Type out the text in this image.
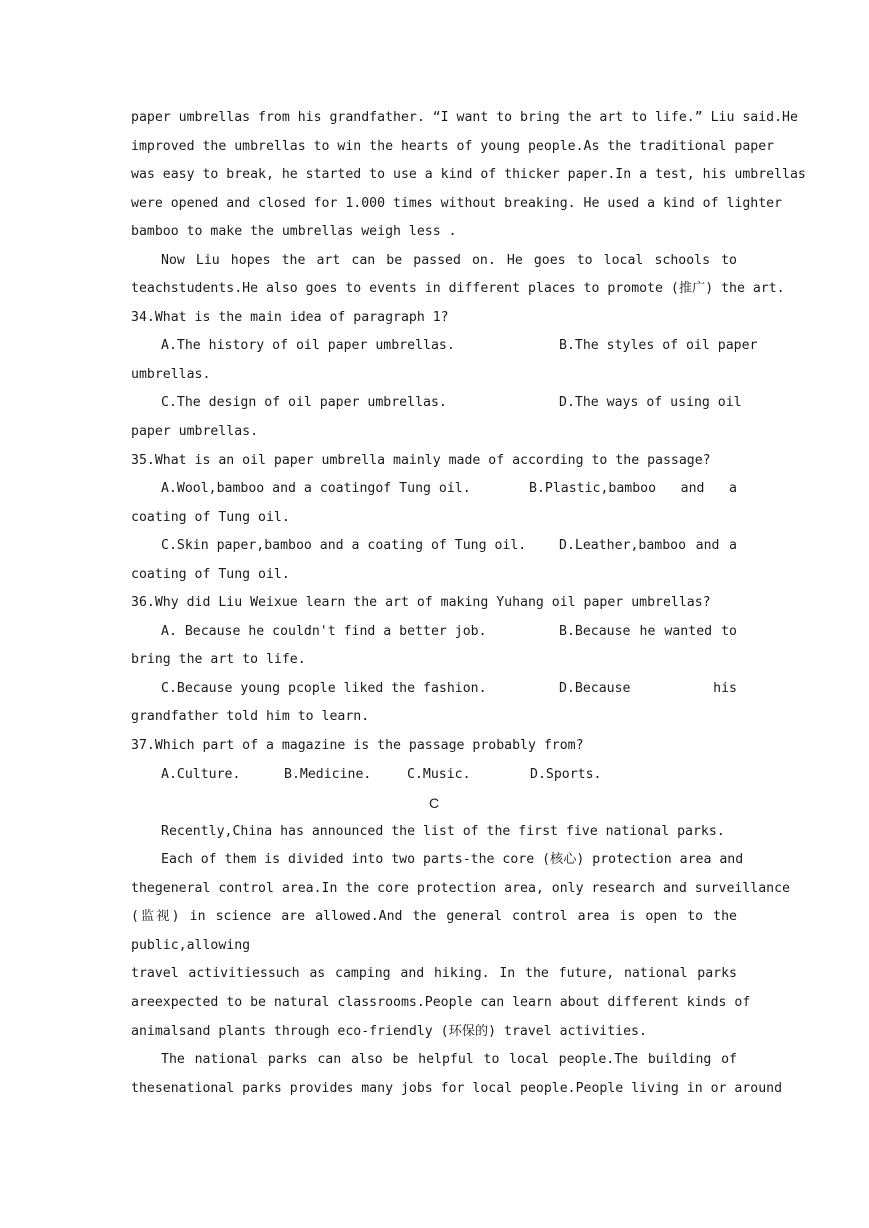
paper umbrellas from his grandfather. “I want to bring the art to life.” Liu said.He
improved the umbrellas to win the hearts of young people.As the traditional paper
was easy to break, he started to use a kind of thicker paper.In a test, his umbrellas
were opened and closed for 1.000 times without breaking. He used a kind of lighter
bamboo to make the umbrellas weigh less .
Now Liu hopes the art can be passed on. He goes to local schools to
teachstudents.He also goes to events in different places to promote (推广) the art.
34.What is the main idea of paragraph 1?
A.The history of oil paper umbrellas.	B.The styles of oil paper
umbrellas.
C.The design of oil paper umbrellas.	D.The ways of using oil
paper umbrellas.
35.What is an oil paper umbrella mainly made of according to the passage?
A.Wool,bamboo and a coatingof Tung oil.	B.Plastic,bamboo and a
coating of Tung oil.
C.Skin paper,bamboo and a coating of Tung oil.	D.Leather,bamboo and a
coating of Tung oil.
36.Why did Liu Weixue learn the art of making Yuhang oil paper umbrellas?
A. Because he couldn't find a better job.	B.Because he wanted to
bring the art to life.
C.Because young pcople liked the fashion.	D.Because his
grandfather told him to learn.
37.Which part of a magazine is the passage probably from?
A.Culture.	B.Medicine.	C.Music.	D.Sports.
C
Recently,China has announced the list of the first five national parks.
Each of them is divided into two parts-the core (核心) protection area and
thegeneral control area.In the core protection area, only research and surveillance
(监视) in science are allowed.And the general control area is open to the
public,allowing
travel activitiessuch as camping and hiking. In the future, national parks
areexpected to be natural classrooms.People can learn about different kinds of
animalsand plants through eco-friendly (环保的) travel activities.
The national parks can also be helpful to local people.The building of
thesenational parks provides many jobs for local people.People living in or around
